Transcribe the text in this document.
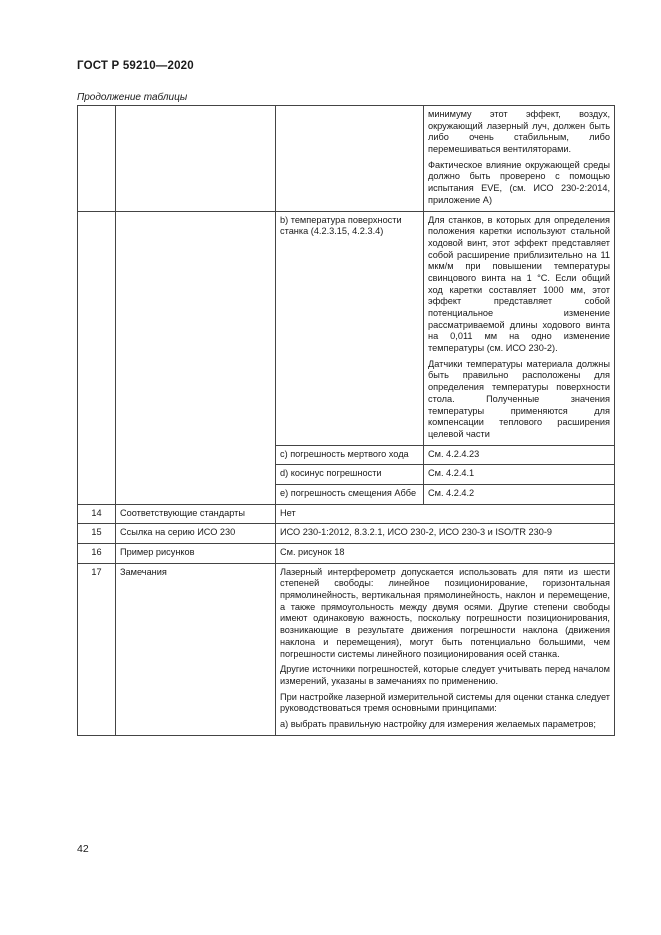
ГОСТ Р 59210—2020
Продолжение таблицы

			минимуму этот эффект, воздух, окружающий лазерный луч, должен быть либо очень стабильным, либо перемешиваться вентиляторами.

Фактическое влияние окружающей среды должно быть проверено с помощью испытания EVE, (см. ИСО 230-2:2014, приложение А)

		b) температура поверхности станка (4.2.3.15, 4.2.3.4)	Для станков, в которых для определения положения каретки используют стальной ходовой винт, этот эффект представляет собой расширение приблизительно на 11 мкм/м при повышении температуры свинцового винта на 1 °С. Если общий ход каретки составляет 1000 мм, этот эффект представляет собой потенциальное изменение рассматриваемой длины ходового винта на 0,011 мм на одно изменение температуры (см. ИСО 230-2).

Датчики температуры материала должны быть правильно расположены для определения температуры поверхности стола. Полученные значения температуры применяются для компенсации теплового расширения целевой части

		c) погрешность мертвого хода	См. 4.2.4.23

		d) косинус погрешности	См. 4.2.4.1

		e) погрешность смещения Аббе	См. 4.2.4.2

14	Соответствующие стандарты	Нет	

15	Ссылка на серию ИСО 230	ИСО 230-1:2012, 8.3.2.1, ИСО 230-2, ИСО 230-3 и ISO/TR 230-9	

16	Пример рисунков	См. рисунок 18	

17	Замечания	Лазерный интерферометр допускается использовать для пяти из шести степеней свободы: линейное позиционирование, горизонтальная прямолинейность, вертикальная прямолинейность, наклон и перемещение, а также прямоугольность между двумя осями. Другие степени свободы имеют одинаковую важность, поскольку погрешности позиционирования, возникающие в результате движения погрешности наклона (движения наклона и перемещения), могут быть потенциально большими, чем погрешности системы линейного позиционирования осей станка.

Другие источники погрешностей, которые следует учитывать перед началом измерений, указаны в замечаниях по применению.

При настройке лазерной измерительной системы для оценки станка следует руководствоваться тремя основными принципами:

а) выбрать правильную настройку для измерения желаемых параметров;	

42
